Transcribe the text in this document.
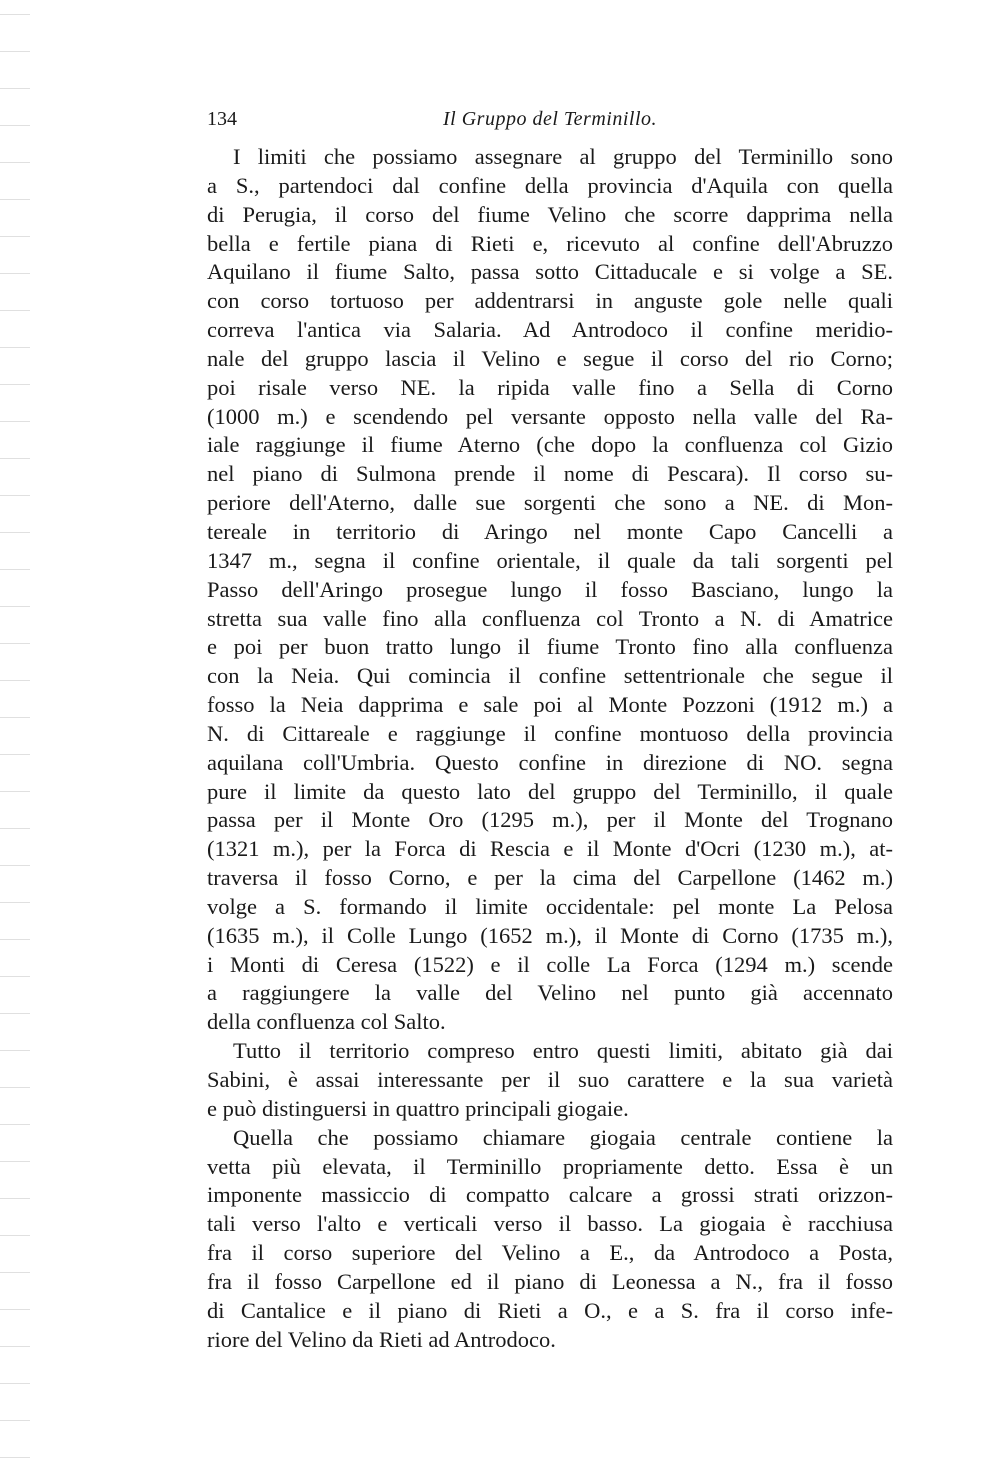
134	Il Gruppo del Terminillo.
I limiti che possiamo assegnare al gruppo del Terminillo sono
a S., partendoci dal confine della provincia d'Aquila con quella
di Perugia, il corso del fiume Velino che scorre dapprima nella
bella e fertile piana di Rieti e, ricevuto al confine dell'Abruzzo
Aquilano il fiume Salto, passa sotto Cittaducale e si volge a SE.
con corso tortuoso per addentrarsi in anguste gole nelle quali
correva l'antica via Salaria. Ad Antrodoco il confine meridio-
nale del gruppo lascia il Velino e segue il corso del rio Corno;
poi risale verso NE. la ripida valle fino a Sella di Corno
(1000 m.) e scendendo pel versante opposto nella valle del Ra-
iale raggiunge il fiume Aterno (che dopo la confluenza col Gizio
nel piano di Sulmona prende il nome di Pescara). Il corso su-
periore dell'Aterno, dalle sue sorgenti che sono a NE. di Mon-
tereale in territorio di Aringo nel monte Capo Cancelli a
1347 m., segna il confine orientale, il quale da tali sorgenti pel
Passo dell'Aringo prosegue lungo il fosso Basciano, lungo la
stretta sua valle fino alla confluenza col Tronto a N. di Amatrice
e poi per buon tratto lungo il fiume Tronto fino alla confluenza
con la Neia. Qui comincia il confine settentrionale che segue il
fosso la Neia dapprima e sale poi al Monte Pozzoni (1912 m.) a
N. di Cittareale e raggiunge il confine montuoso della provincia
aquilana coll'Umbria. Questo confine in direzione di NO. segna
pure il limite da questo lato del gruppo del Terminillo, il quale
passa per il Monte Oro (1295 m.), per il Monte del Trognano
(1321 m.), per la Forca di Rescia e il Monte d'Ocri (1230 m.), at-
traversa il fosso Corno, e per la cima del Carpellone (1462 m.)
volge a S. formando il limite occidentale: pel monte La Pelosa
(1635 m.), il Colle Lungo (1652 m.), il Monte di Corno (1735 m.),
i Monti di Ceresa (1522) e il colle La Forca (1294 m.) scende
a raggiungere la valle del Velino nel punto già accennato
della confluenza col Salto.
Tutto il territorio compreso entro questi limiti, abitato già dai
Sabini, è assai interessante per il suo carattere e la sua varietà
e può distinguersi in quattro principali giogaie.
Quella che possiamo chiamare giogaia centrale contiene la
vetta più elevata, il Terminillo propriamente detto. Essa è un
imponente massiccio di compatto calcare a grossi strati orizzon-
tali verso l'alto e verticali verso il basso. La giogaia è racchiusa
fra il corso superiore del Velino a E., da Antrodoco a Posta,
fra il fosso Carpellone ed il piano di Leonessa a N., fra il fosso
di Cantalice e il piano di Rieti a O., e a S. fra il corso infe-
riore del Velino da Rieti ad Antrodoco.
